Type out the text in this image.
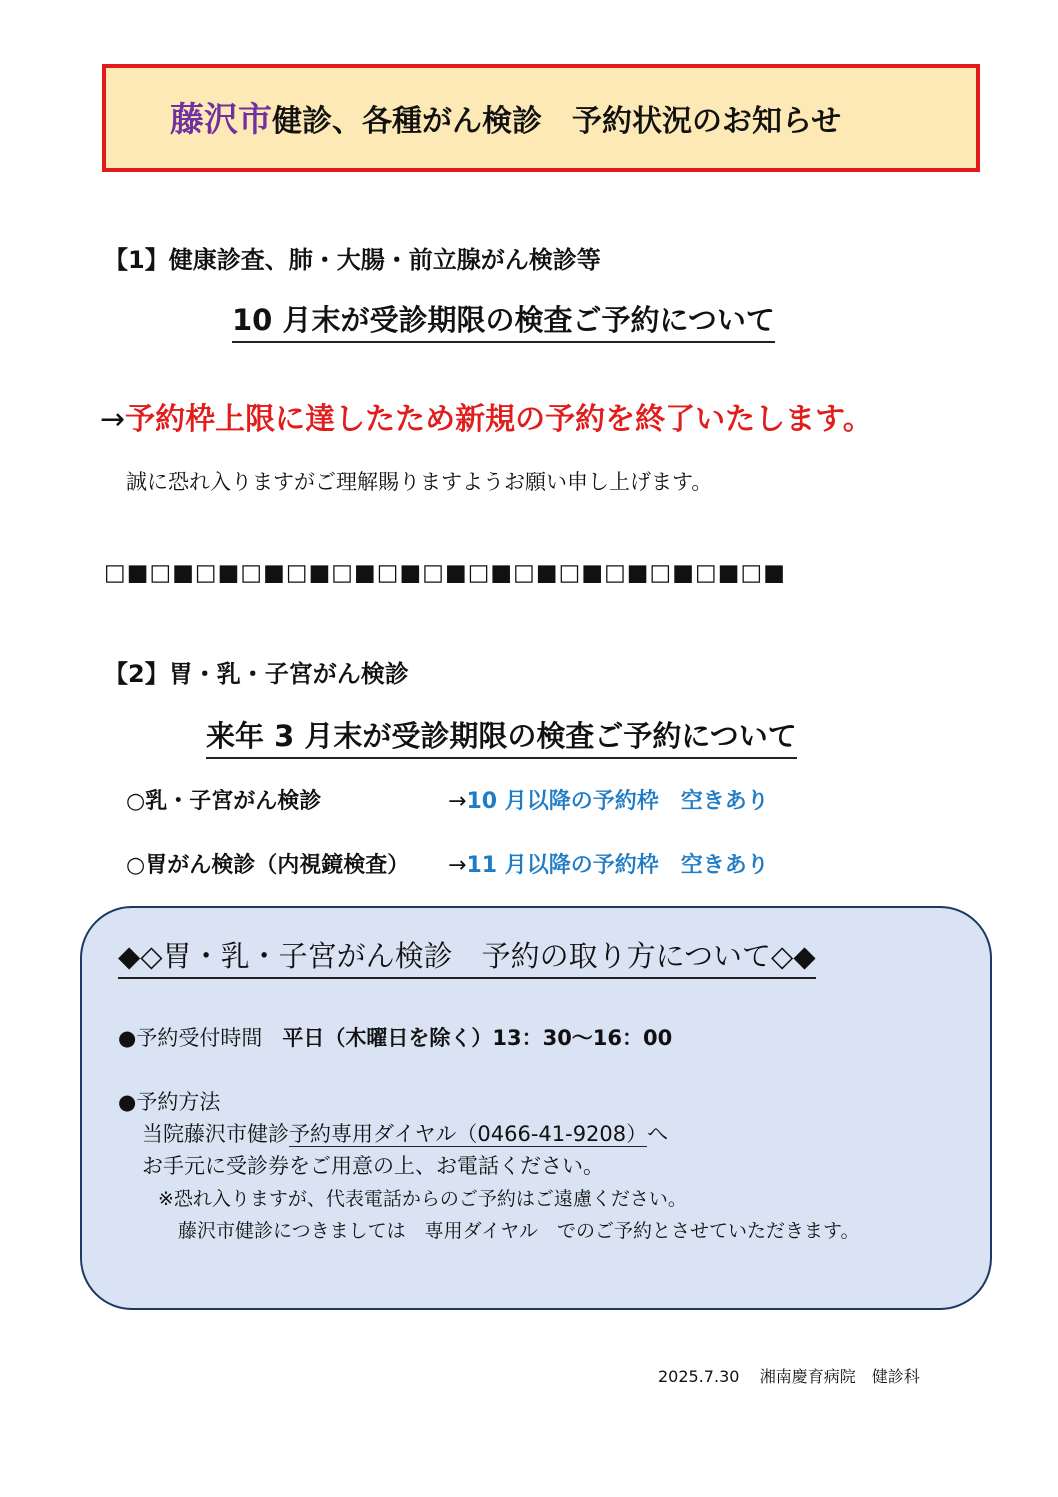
藤沢市健診、各種がん検診　予約状況のお知らせ
【1】健康診査、肺・大腸・前立腺がん検診等
10 月末が受診期限の検査ご予約について
→予約枠上限に達したため新規の予約を終了いたします。
誠に恐れ入りますがご理解賜りますようお願い申し上げます。
□■□■□■□■□■□■□■□■□■□■□■□■□■□■□■
【2】胃・乳・子宮がん検診
来年 3 月末が受診期限の検査ご予約について
○乳・子宮がん検診	→10 月以降の予約枠　空きあり
○胃がん検診（内視鏡検査） →11 月以降の予約枠　空きあり
◆◇胃・乳・子宮がん検診　予約の取り方について◇◆
●予約受付時間 平日（木曜日を除く）13：30～16：00
●予約方法
当院藤沢市健診予約専用ダイヤル（0466-41-9208）へ
お手元に受診券をご用意の上、お電話ください。
※恐れ入りますが、代表電話からのご予約はご遠慮ください。
藤沢市健診につきましては　専用ダイヤル　でのご予約とさせていただきます。
2025.7.30 湘南慶育病院　健診科
